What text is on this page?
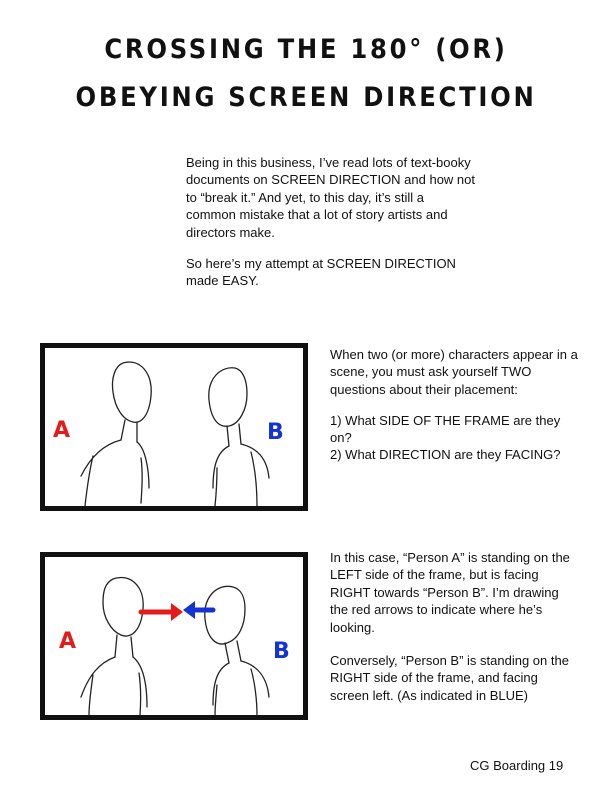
CROSSING THE 180° (OR)
OBEYING SCREEN DIRECTION

Being in this business, I’ve read lots of text-booky documents on SCREEN DIRECTION and how not to “break it.” And yet, to this day, it’s still a common mistake that a lot of story artists and directors make.

So here’s my attempt at SCREEN DIRECTION made EASY.

A	B
A	B

When two (or more) characters appear in a scene, you must ask yourself TWO questions about their placement:

1) What SIDE OF THE FRAME are they on?

2) What DIRECTION are they FACING?

In this case, “Person A” is standing on the LEFT side of the frame, but is facing RIGHT towards “Person B”. I’m drawing the red arrows to indicate where he’s looking.

Conversely, “Person B” is standing on the RIGHT side of the frame, and facing screen left. (As indicated in BLUE)

CG Boarding 19
